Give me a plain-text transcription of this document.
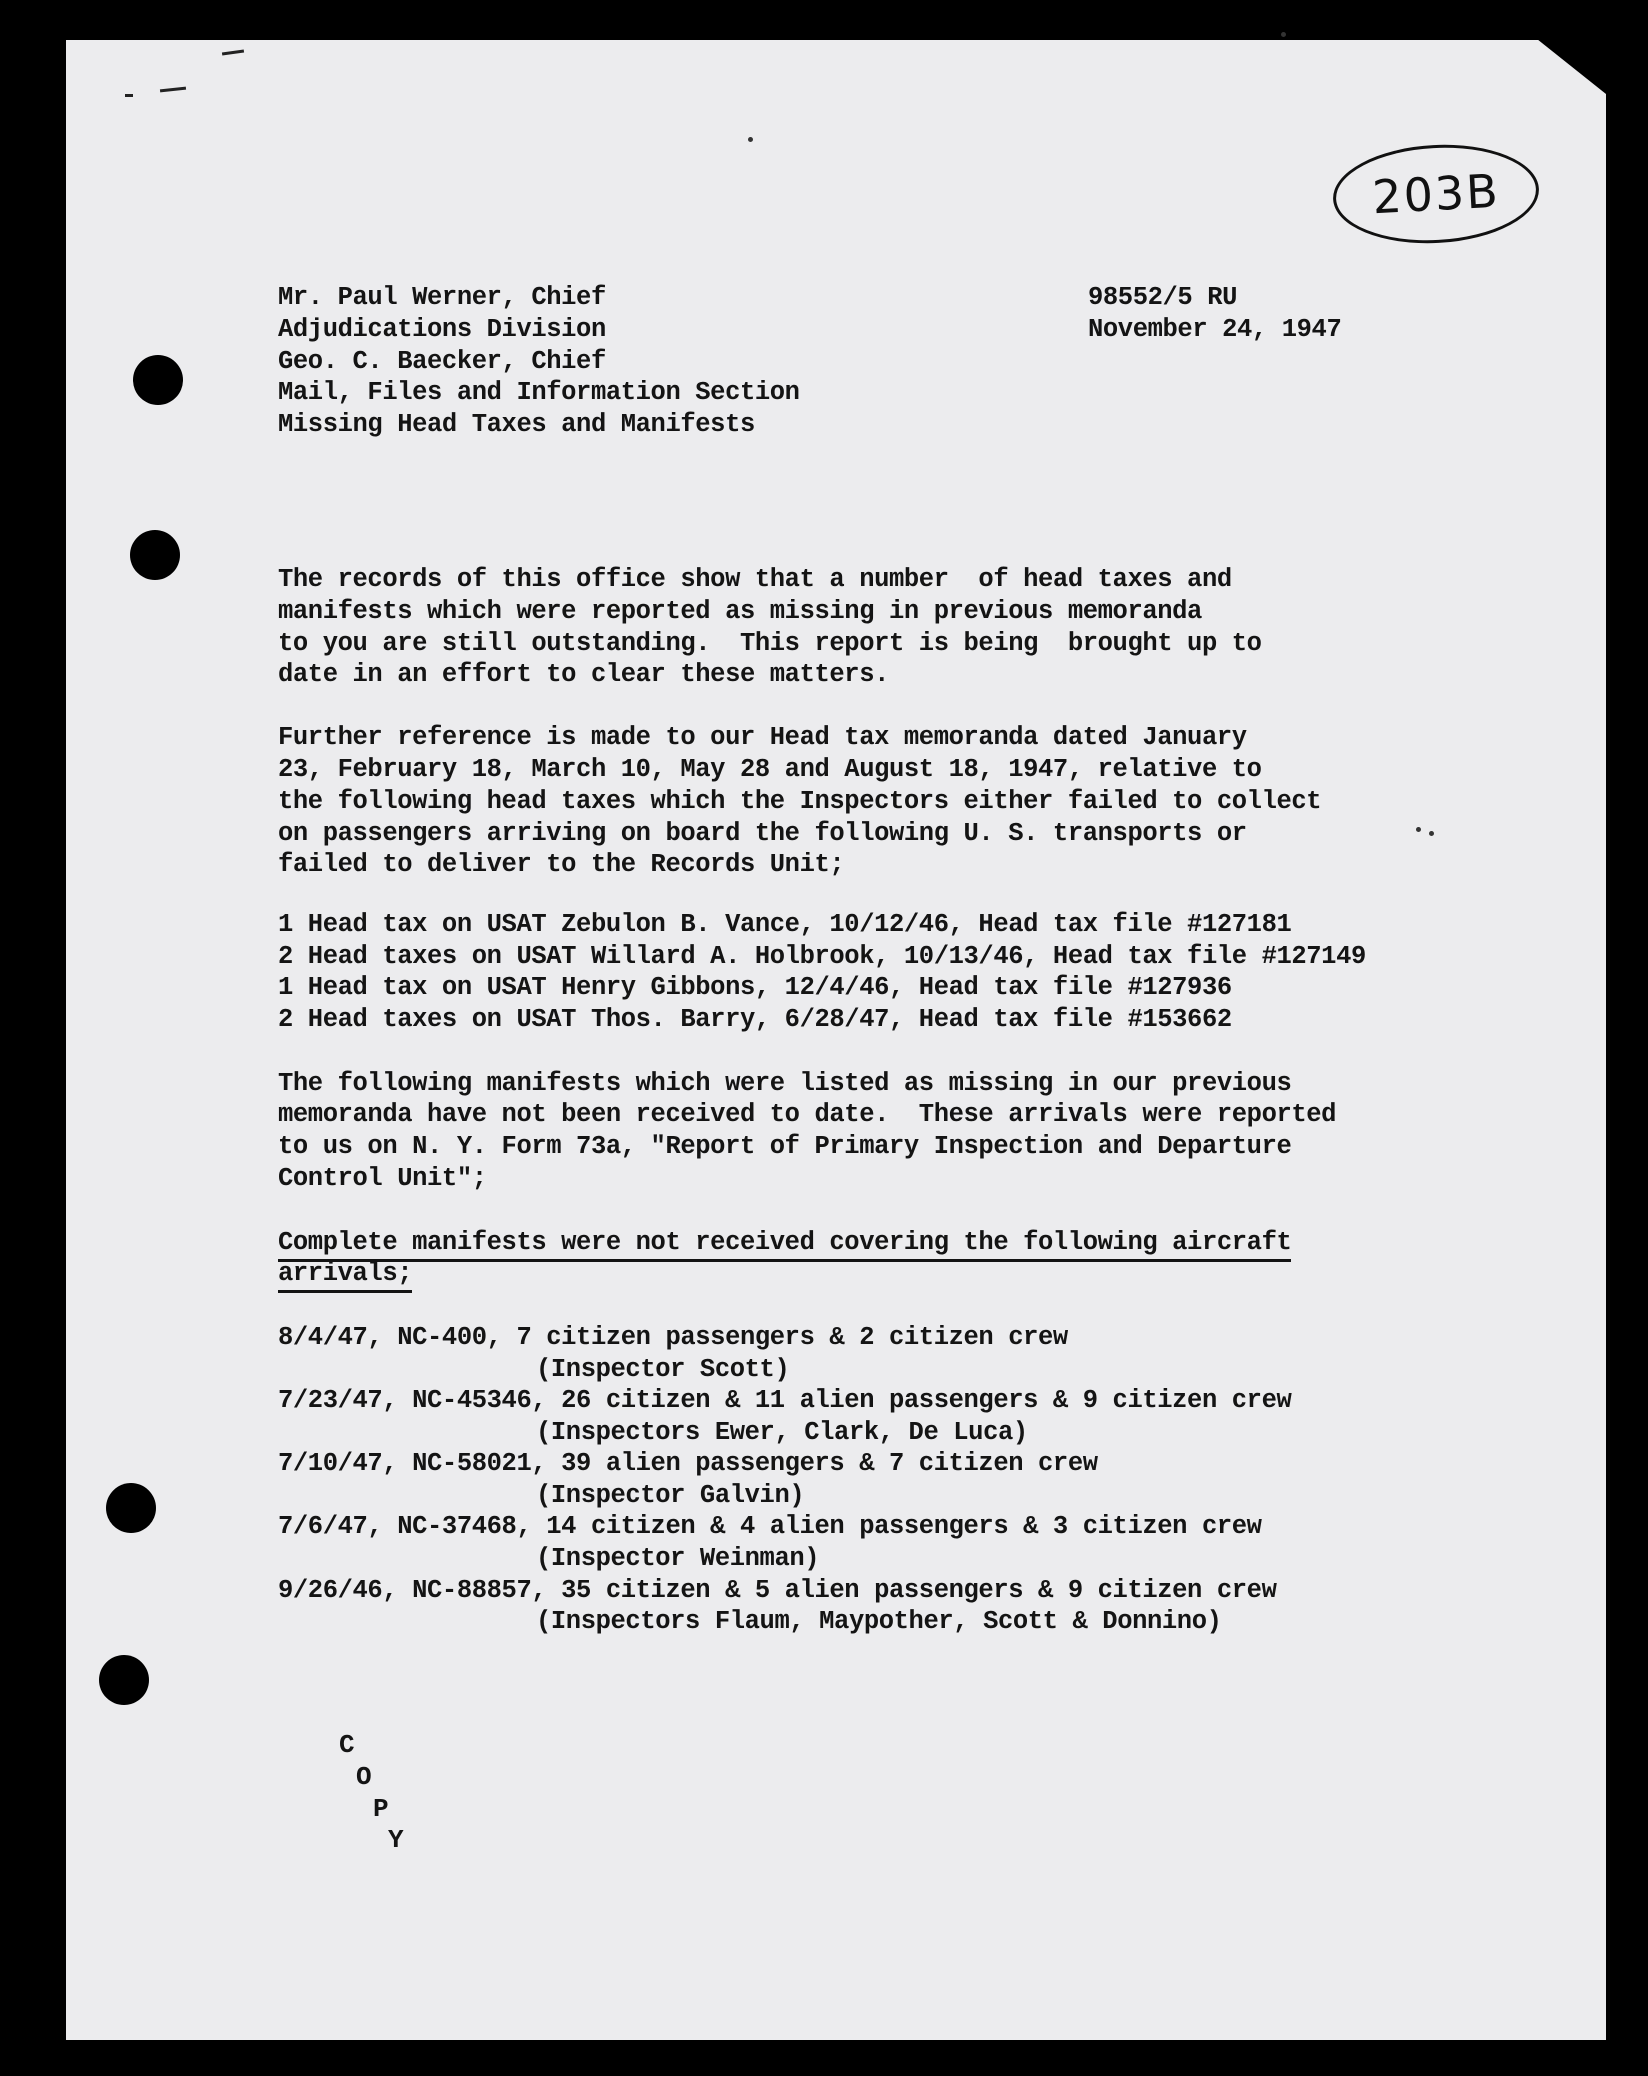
203B
Mr. Paul Werner, Chief
Adjudications Division
Geo. C. Baecker, Chief
Mail, Files and Information Section
Missing Head Taxes and Manifests
98552/5 RU
November 24, 1947
The records of this office show that a number  of head taxes and
manifests which were reported as missing in previous memoranda
to you are still outstanding.  This report is being  brought up to
date in an effort to clear these matters.
Further reference is made to our Head tax memoranda dated January
23, February 18, March 10, May 28 and August 18, 1947, relative to
the following head taxes which the Inspectors either failed to collect
on passengers arriving on board the following U. S. transports or
failed to deliver to the Records Unit;
1 Head tax on USAT Zebulon B. Vance, 10/12/46, Head tax file #127181
2 Head taxes on USAT Willard A. Holbrook, 10/13/46, Head tax file #127149
1 Head tax on USAT Henry Gibbons, 12/4/46, Head tax file #127936
2 Head taxes on USAT Thos. Barry, 6/28/47, Head tax file #153662
The following manifests which were listed as missing in our previous
memoranda have not been received to date.  These arrivals were reported
to us on N. Y. Form 73a, "Report of Primary Inspection and Departure
Control Unit";
Complete manifests were not received covering the following aircraft
arrivals;
8/4/47, NC-400, 7 citizen passengers & 2 citizen crew
(Inspector Scott)
7/23/47, NC-45346, 26 citizen & 11 alien passengers & 9 citizen crew
(Inspectors Ewer, Clark, De Luca)
7/10/47, NC-58021, 39 alien passengers & 7 citizen crew
(Inspector Galvin)
7/6/47, NC-37468, 14 citizen & 4 alien passengers & 3 citizen crew
(Inspector Weinman)
9/26/46, NC-88857, 35 citizen & 5 alien passengers & 9 citizen crew
(Inspectors Flaum, Maypother, Scott & Donnino)
C
O
P
Y
